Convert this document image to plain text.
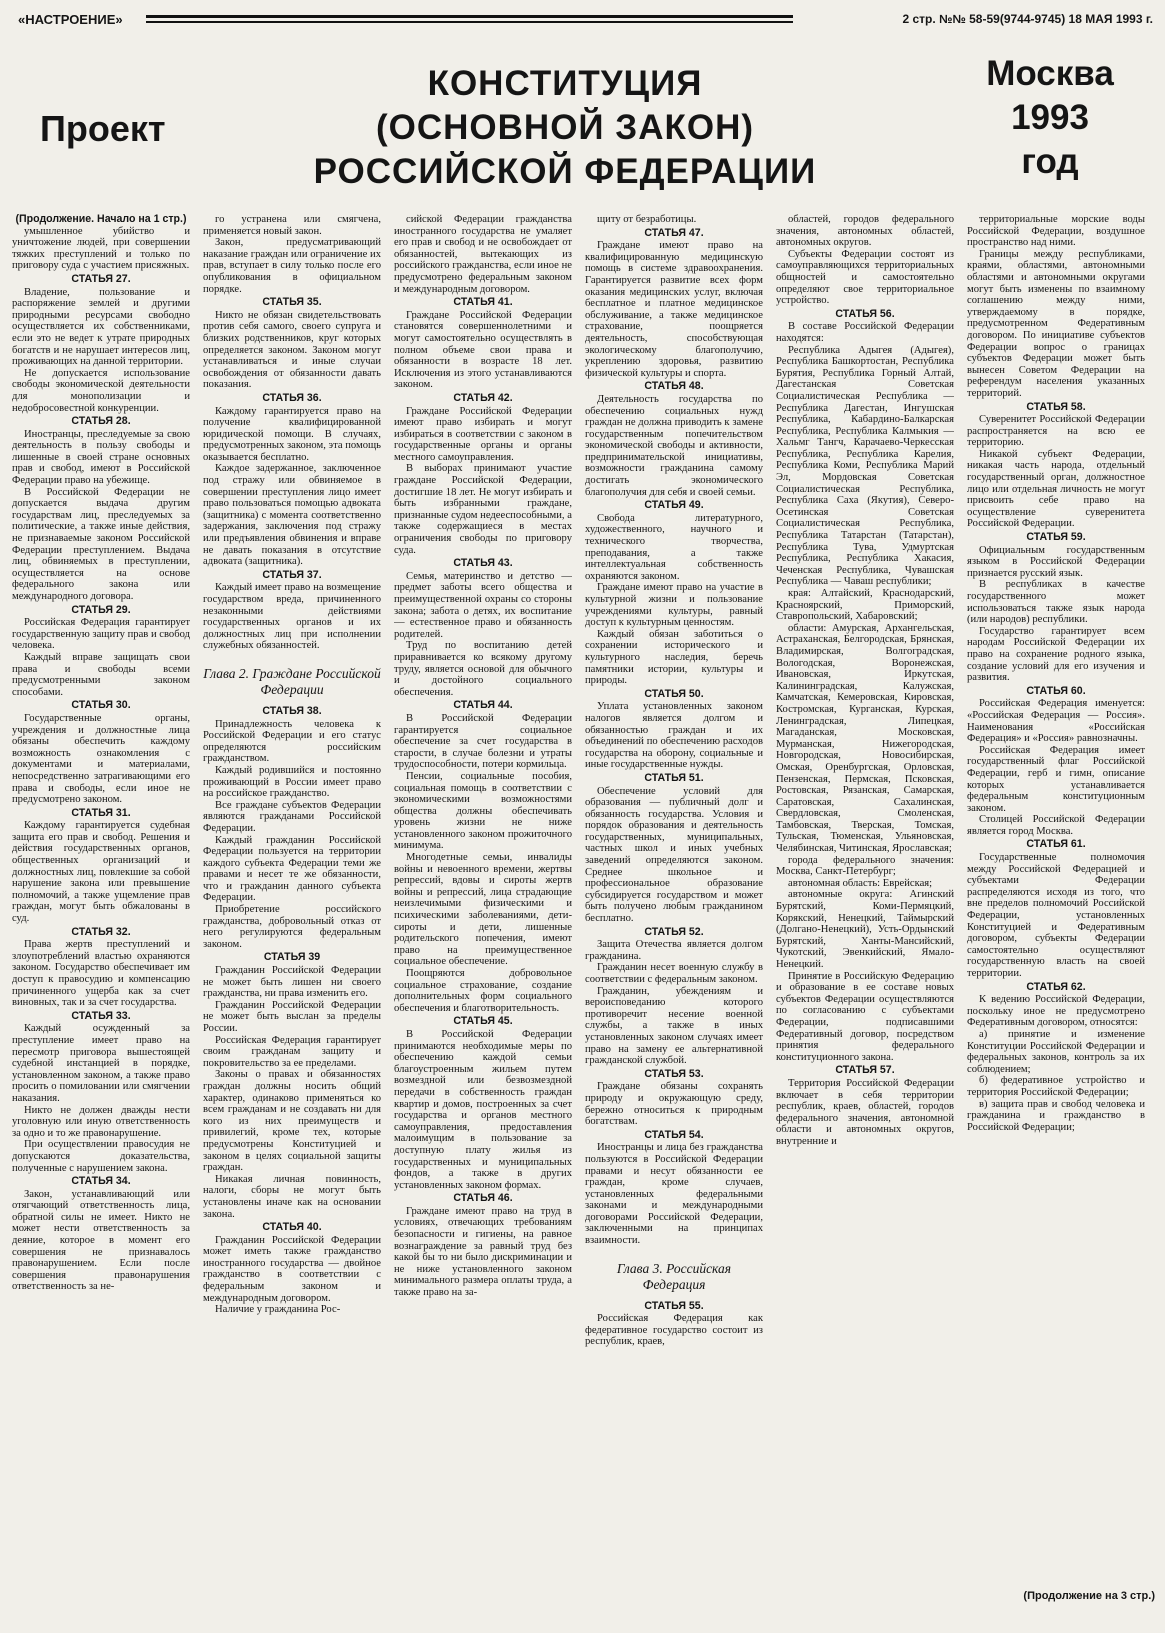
«НАСТРОЕНИЕ»	2 стр. №№ 58-59(9744-9745) 18 МАЯ 1993 г.
Проект
КОНСТИТУЦИЯ
(ОСНОВНОЙ ЗАКОН)
РОССИЙСКОЙ ФЕДЕРАЦИИ
Москва
1993
год
(Продолжение. Начало на 1 стр.)

умышленное убийство и уничтожение людей, при совершении тяжких преступлений и только по приговору суда с участием присяжных.

СТАТЬЯ 27.

Владение, пользование и распоряжение землей и другими природными ресурсами свободно осуществляется их собственниками, если это не ведет к утрате природных богатств и не нарушает интересов лиц, проживающих на данной территории.

Не допускается использование свободы экономической деятельности для монополизации и недобросовестной конкуренции.

СТАТЬЯ 28.

Иностранцы, преследуемые за свою деятельность в пользу свободы и лишенные в своей стране основных прав и свобод, имеют в Российской Федерации право на убежище.

В Российской Федерации не допускается выдача другим государствам лиц, преследуемых за политические, а также иные действия, не признаваемые законом Российской Федерации преступлением. Выдача лиц, обвиняемых в преступлении, осуществляется на основе федерального закона или международного договора.

СТАТЬЯ 29.

Российская Федерация гарантирует государственную защиту прав и свобод человека.

Каждый вправе защищать свои права и свободы всеми предусмотренными законом способами.

СТАТЬЯ 30.

Государственные органы, учреждения и должностные лица обязаны обеспечить каждому возможность ознакомления с документами и материалами, непосредственно затрагивающими его права и свободы, если иное не предусмотрено законом.

СТАТЬЯ 31.

Каждому гарантируется судебная защита его прав и свобод. Решения и действия государственных органов, общественных организаций и должностных лиц, повлекшие за собой нарушение закона или превышение полномочий, а также ущемление прав граждан, могут быть обжалованы в суд.

СТАТЬЯ 32.

Права жертв преступлений и злоупотреблений властью охраняются законом. Государство обеспечивает им доступ к правосудию и компенсацию причиненного ущерба как за счет виновных, так и за счет государства.

СТАТЬЯ 33.

Каждый осужденный за преступление имеет право на пересмотр приговора вышестоящей судебной инстанцией в порядке, установленном законом, а также право просить о помиловании или смягчении наказания.

Никто не должен дважды нести уголовную или иную ответственность за одно и то же правонарушение.

При осуществлении правосудия не допускаются доказательства, полученные с нарушением закона.

СТАТЬЯ 34.

Закон, устанавливающий или отягчающий ответственность лица, обратной силы не имеет. Никто не может нести ответственность за деяние, которое в момент его совершения не признавалось правонарушением. Если после совершения правонарушения ответственность за не-

го устранена или смягчена, применяется новый закон.

Закон, предусматривающий наказание граждан или ограничение их прав, вступает в силу только после его опубликования в официальном порядке.

СТАТЬЯ 35.

Никто не обязан свидетельствовать против себя самого, своего супруга и близких родственников, круг которых определяется законом. Законом могут устанавливаться и иные случаи освобождения от обязанности давать показания.

СТАТЬЯ 36.

Каждому гарантируется право на получение квалифицированной юридической помощи. В случаях, предусмотренных законом, эта помощь оказывается бесплатно.

Каждое задержанное, заключенное под стражу или обвиняемое в совершении преступления лицо имеет право пользоваться помощью адвоката (защитника) с момента соответственно задержания, заключения под стражу или предъявления обвинения и вправе не давать показания в отсутствие адвоката (защитника).

СТАТЬЯ 37.

Каждый имеет право на возмещение государством вреда, причиненного незаконными действиями государственных органов и их должностных лиц при исполнении служебных обязанностей.

Глава 2. Граждане Российской Федерации
СТАТЬЯ 38.

Принадлежность человека к Российской Федерации и его статус определяются российским гражданством.

Каждый родившийся и постоянно проживающий в России имеет право на российское гражданство.

Все граждане субъектов Федерации являются гражданами Российской Федерации.

Каждый гражданин Российской Федерации пользуется на территории каждого субъекта Федерации теми же правами и несет те же обязанности, что и гражданин данного субъекта Федерации.

Приобретение российского гражданства, добровольный отказ от него регулируются федеральным законом.

СТАТЬЯ 39

Гражданин Российской Федерации не может быть лишен ни своего гражданства, ни права изменить его.

Гражданин Российской Федерации не может быть выслан за пределы России.

Российская Федерация гарантирует своим гражданам защиту и покровительство за ее пределами.

Законы о правах и обязанностях граждан должны носить общий характер, одинаково применяться ко всем гражданам и не создавать ни для кого из них преимуществ и привилегий, кроме тех, которые предусмотрены Конституцией и законом в целях социальной защиты граждан.

Никакая личная повинность, налоги, сборы не могут быть установлены иначе как на основании закона.

СТАТЬЯ 40.

Гражданин Российской Федерации может иметь также гражданство иностранного государства — двойное гражданство в соответствии с федеральным законом и международным договором.

Наличие у гражданина Рос-

сийской Федерации гражданства иностранного государства не умаляет его прав и свобод и не освобождает от обязанностей, вытекающих из российского гражданства, если иное не предусмотрено федеральным законом и международным договором.

СТАТЬЯ 41.

Граждане Российской Федерации становятся совершеннолетними и могут самостоятельно осуществлять в полном объеме свои права и обязанности в возрасте 18 лет. Исключения из этого устанавливаются законом.

СТАТЬЯ 42.

Граждане Российской Федерации имеют право избирать и могут избираться в соответствии с законом в государственные органы и органы местного самоуправления.

В выборах принимают участие граждане Российской Федерации, достигшие 18 лет. Не могут избирать и быть избранными граждане, признанные судом недееспособными, а также содержащиеся в местах ограничения свободы по приговору суда.

СТАТЬЯ 43.

Семья, материнство и детство — предмет заботы всего общества и преимущественной охраны со стороны закона; забота о детях, их воспитание — естественное право и обязанность родителей.

Труд по воспитанию детей приравнивается ко всякому другому труду, является основой для обычного и достойного социального обеспечения.

СТАТЬЯ 44.

В Российской Федерации гарантируется социальное обеспечение за счет государства в старости, в случае болезни и утраты трудоспособности, потери кормильца.

Пенсии, социальные пособия, социальная помощь в соответствии с экономическими возможностями общества должны обеспечивать уровень жизни не ниже установленного законом прожиточного минимума.

Многодетные семьи, инвалиды войны и невоенного времени, жертвы репрессий, вдовы и сироты жертв войны и репрессий, лица страдающие неизлечимыми физическими и психическими заболеваниями, дети-сироты и дети, лишенные родительского попечения, имеют право на преимущественное социальное обеспечение.

Поощряются добровольное социальное страхование, создание дополнительных форм социального обеспечения и благотворительность.

СТАТЬЯ 45.

В Российской Федерации принимаются необходимые меры по обеспечению каждой семьи благоустроенным жильем путем возмездной или безвозмездной передачи в собственность граждан квартир и домов, построенных за счет государства и органов местного самоуправления, предоставления малоимущим в пользование за доступную плату жилья из государственных и муниципальных фондов, а также в других установленных законом формах.

СТАТЬЯ 46.

Граждане имеют право на труд в условиях, отвечающих требованиям безопасности и гигиены, на равное вознаграждение за равный труд без какой бы то ни было дискриминации и не ниже установленного законом минимального размера оплаты труда, а также право на за-

щиту от безработицы.

СТАТЬЯ 47.

Граждане имеют право на квалифицированную медицинскую помощь в системе здравоохранения. Гарантируется развитие всех форм оказания медицинских услуг, включая бесплатное и платное медицинское обслуживание, а также медицинское страхование, поощряется деятельность, способствующая экологическому благополучию, укреплению здоровья, развитию физической культуры и спорта.

СТАТЬЯ 48.

Деятельность государства по обеспечению социальных нужд граждан не должна приводить к замене государственным попечительством экономической свободы и активности, предпринимательской инициативы, возможности гражданина самому достигать экономического благополучия для себя и своей семьи.

СТАТЬЯ 49.

Свобода литературного, художественного, научного и технического творчества, преподавания, а также интеллектуальная собственность охраняются законом.

Граждане имеют право на участие в культурной жизни и пользование учреждениями культуры, равный доступ к культурным ценностям.

Каждый обязан заботиться о сохранении исторического и культурного наследия, беречь памятники истории, культуры и природы.

СТАТЬЯ 50.

Уплата установленных законом налогов является долгом и обязанностью граждан и их объединений по обеспечению расходов государства на оборону, социальные и иные государственные нужды.

СТАТЬЯ 51.

Обеспечение условий для образования — публичный долг и обязанность государства. Условия и порядок образования и деятельность государственных, муниципальных, частных школ и иных учебных заведений определяются законом. Среднее школьное и профессиональное образование субсидируется государством и может быть получено любым гражданином бесплатно.

СТАТЬЯ 52.

Защита Отечества является долгом гражданина.

Гражданин несет военную службу в соответствии с федеральным законом.

Гражданин, убеждениям и вероисповеданию которого противоречит несение военной службы, а также в иных установленных законом случаях имеет право на замену ее альтернативной гражданской службой.

СТАТЬЯ 53.

Граждане обязаны сохранять природу и окружающую среду, бережно относиться к природным богатствам.

СТАТЬЯ 54.

Иностранцы и лица без гражданства пользуются в Российской Федерации правами и несут обязанности ее граждан, кроме случаев, установленных федеральными законами и международными договорами Российской Федерации, заключенными на принципах взаимности.

Глава 3. Российская Федерация
СТАТЬЯ 55.

Российская Федерация как федеративное государство состоит из республик, краев,

областей, городов федерального значения, автономных областей, автономных округов.

Субъекты Федерации состоят из самоуправляющихся территориальных общностей и самостоятельно определяют свое территориальное устройство.

СТАТЬЯ 56.

В составе Российской Федерации находятся:

Республика Адыгея (Адыгея), Республика Башкортостан, Республика Бурятия, Республика Горный Алтай, Дагестанская Советская Социалистическая Республика — Республика Дагестан, Ингушская Республика, Кабардино-Балкарская Республика, Республика Калмыкия — Хальмг Тангч, Карачаево-Черкесская Республика, Республика Карелия, Республика Коми, Республика Марий Эл, Мордовская Советская Социалистическая Республика, Республика Саха (Якутия), Северо-Осетинская Советская Социалистическая Республика, Республика Татарстан (Татарстан), Республика Тува, Удмуртская Республика, Республика Хакасия, Чеченская Республика, Чувашская Республика — Чаваш республики;

края: Алтайский, Краснодарский, Красноярский, Приморский, Ставропольский, Хабаровский;

области: Амурская, Архангельская, Астраханская, Белгородская, Брянская, Владимирская, Волгоградская, Вологодская, Воронежская, Ивановская, Иркутская, Калининградская, Калужская, Камчатская, Кемеровская, Кировская, Костромская, Курганская, Курская, Ленинградская, Липецкая, Магаданская, Московская, Мурманская, Нижегородская, Новгородская, Новосибирская, Омская, Оренбургская, Орловская, Пензенская, Пермская, Псковская, Ростовская, Рязанская, Самарская, Саратовская, Сахалинская, Свердловская, Смоленская, Тамбовская, Тверская, Томская, Тульская, Тюменская, Ульяновская, Челябинская, Читинская, Ярославская;

города федерального значения: Москва, Санкт-Петербург;

автономная область: Еврейская;

автономные округа: Агинский Бурятский, Коми-Пермяцкий, Корякский, Ненецкий, Таймырский (Долгано-Ненецкий), Усть-Ордынский Бурятский, Ханты-Мансийский, Чукотский, Эвенкийский, Ямало-Ненецкий.

Принятие в Российскую Федерацию и образование в ее составе новых субъектов Федерации осуществляются по согласованию с субъектами Федерации, подписавшими Федеративный договор, посредством принятия федерального конституционного закона.

СТАТЬЯ 57.

Территория Российской Федерации включает в себя территории республик, краев, областей, городов федерального значения, автономной области и автономных округов, внутренние и

территориальные морские воды Российской Федерации, воздушное пространство над ними.

Границы между республиками, краями, областями, автономными областями и автономными округами могут быть изменены по взаимному соглашению между ними, утверждаемому в порядке, предусмотренном Федеративным договором. По инициативе субъектов Федерации вопрос о границах субъектов Федерации может быть вынесен Советом Федерации на референдум населения указанных территорий.

СТАТЬЯ 58.

Суверенитет Российской Федерации распространяется на всю ее территорию.

Никакой субъект Федерации, никакая часть народа, отдельный государственный орган, должностное лицо или отдельная личность не могут присвоить себе право на осуществление суверенитета Российской Федерации.

СТАТЬЯ 59.

Официальным государственным языком в Российской Федерации признается русский язык.

В республиках в качестве государственного может использоваться также язык народа (или народов) республики.

Государство гарантирует всем народам Российской Федерации их право на сохранение родного языка, создание условий для его изучения и развития.

СТАТЬЯ 60.

Российская Федерация именуется: «Российская Федерация — Россия». Наименования «Российская Федерация» и «Россия» равнозначны.

Российская Федерация имеет государственный флаг Российской Федерации, герб и гимн, описание которых устанавливается федеральным конституционным законом.

Столицей Российской Федерации является город Москва.

СТАТЬЯ 61.

Государственные полномочия между Российской Федерацией и субъектами Федерации распределяются исходя из того, что вне пределов полномочий Российской Федерации, установленных Конституцией и Федеративным договором, субъекты Федерации самостоятельно осуществляют государственную власть на своей территории.

СТАТЬЯ 62.

К ведению Российской Федерации, поскольку иное не предусмотрено Федеративным договором, относятся:

а) принятие и изменение Конституции Российской Федерации и федеральных законов, контроль за их соблюдением;

б) федеративное устройство и территория Российской Федерации;

в) защита прав и свобод человека и гражданина и гражданство в Российской Федерации;

(Продолжение на 3 стр.)
